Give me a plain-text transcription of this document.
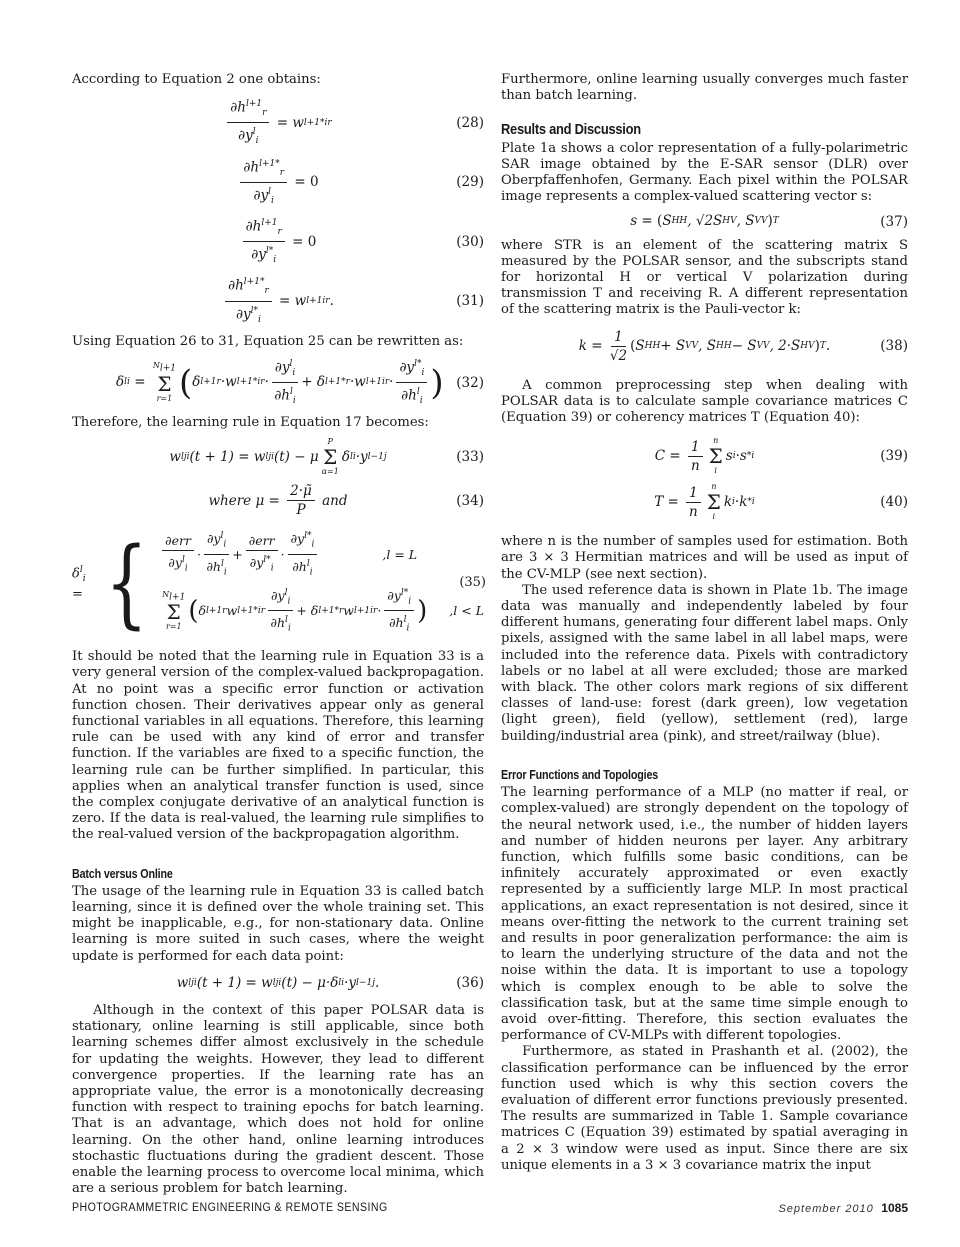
According to Equation 2 one obtains:

$\frac{\partial h^{l+1}_r}{\partial y^l_i} = w$ l+1* ir	(28)
$\frac{\partial h^{l+1*}_r}{\partial y^l_i} = 0$	(29)
$\frac{\partial h^{l+1}_r}{\partial y^{l*}_i} = 0$	(30)
$\frac{\partial h^{l+1*}_r}{\partial y^{l*}_i} = w$ l+1 ir .	(31)

Using Equation 26 to 31, Equation 25 can be rewritten as:

δ l i =
$N_{l+1}$
Σ
r=1 ( δ l+1 r ·w l+1* ir · $\frac{\partial y^l_i}{\partial h^l_i} + \delta$ l+1* r ·w l+1 ir · $\frac{\partial y^{l*}_i}{\partial h^l_i}$ ) (32)

Therefore, the learning rule in Equation 17 becomes:

w l ji (t + 1) = w l ji (t) − μ
P
Σ
α=1
δ l i ·y l−1 j	(33)
where $\mu = \frac{2\cdot\mũ}{P}$
and	(34)
$\delta^l_i$ = { $\frac{\text{∂err}}{\partial y^l_i} \cdot \frac{\partial y^l_i}{\partial h^l_i} + \frac{\text{∂err}}{\partial y^{l*}_i} \cdot \frac{\partial y^{l*}_i}{\partial h^l_i}$	,l = L
$N_{l+1}$
Σ
r=1
( δ l+1 r w l+1* ir $\frac{\partial y^l_i}{\partial h^l_i} + \delta$ l+1* r w l+1 ir · $\frac{\partial y^{l*}_i}{\partial h^l_i}$ ) ,l < L
(35)

It should be noted that the learning rule in Equation 33 is a very general version of the complex-valued backpropagation. At no point was a specific error function or activation function chosen. Their derivatives appear only as general functional variables in all equations. Therefore, this learning rule can be used with any kind of error and transfer function. If the variables are fixed to a specific function, the learning rule can be further simplified. In particular, this applies when an analytical transfer function is used, since the complex conjugate derivative of an analytical function is zero. If the data is real-valued, the learning rule simplifies to the real-valued version of the backpropagation algorithm.

Batch versus Online

The usage of the learning rule in Equation 33 is called batch learning, since it is defined over the whole training set. This might be inapplicable, e.g., for non-stationary data. Online learning is more suited in such cases, where the weight update is performed for each data point:

w l ji (t + 1) = w l ji (t) − μ·δ l i ·y l−1 j .	(36)

Although in the context of this paper POLSAR data is stationary, online learning is still applicable, since both learning schemes differ almost exclusively in the schedule for updating the weights. However, they lead to different convergence properties. If the learning rate has an appropriate value, the error is a monotonically decreasing function with respect to training epochs for batch learning. That is an advantage, which does not hold for online learning. On the other hand, online learning introduces stochastic fluctuations during the gradient descent. Those enable the learning process to overcome local minima, which are a serious problem for batch learning.

Furthermore, online learning usually converges much faster than batch learning.

Results and Discussion

Plate 1a shows a color representation of a fully-polarimetric SAR image obtained by the E-SAR sensor (DLR) over Oberpfaffenhofen, Germany. Each pixel within the POLSAR image represents a complex-valued scattering vector s:

s = ( S HH , √2S HV , S VV ) T	(37)

where STR is an element of the scattering matrix S measured by the POLSAR sensor, and the subscripts stand for horizontal H or vertical V polarization during transmission T and receiving R. A different representation of the scattering matrix is the Pauli-vector k:

$k = \frac{1}{√2}$ ( S HH + S VV , S HH − S VV , 2·S HV ) T .	(38)

A common preprocessing step when dealing with POLSAR data is to calculate sample covariance matrices C (Equation 39) or coherency matrices T (Equation 40):

$C = \frac{1}{n}$ n
Σ
i
s i ·s * i	(39)
$T = \frac{1}{n}$ n
Σ
i
k i ·k * i	(40)

where n is the number of samples used for estimation. Both are 3 × 3 Hermitian matrices and will be used as input of the CV-MLP (see next section).

The used reference data is shown in Plate 1b. The image data was manually and independently labeled by four different humans, generating four different label maps. Only pixels, assigned with the same label in all label maps, were included into the reference data. Pixels with contradictory labels or no label at all were excluded; those are marked with black. The other colors mark regions of six different classes of land-use: forest (dark green), low vegetation (light green), field (yellow), settlement (red), large building/industrial area (pink), and street/railway (blue).

Error Functions and Topologies

The learning performance of a MLP (no matter if real, or complex-valued) are strongly dependent on the topology of the neural network used, i.e., the number of hidden layers and number of hidden neurons per layer. Any arbitrary function, which fulfills some basic conditions, can be infinitely accurately approximated or even exactly represented by a sufficiently large MLP. In most practical applications, an exact representation is not desired, since it means over-fitting the network to the current training set and results in poor generalization performance: the aim is to learn the underlying structure of the data and not the noise within the data. It is important to use a topology which is complex enough to be able to solve the classification task, but at the same time simple enough to avoid over-fitting. Therefore, this section evaluates the performance of CV-MLPs with different topologies.

Furthermore, as stated in Prashanth et al. (2002), the classification performance can be influenced by the error function used which is why this section covers the evaluation of different error functions previously presented. The results are summarized in Table 1. Sample covariance matrices C (Equation 39) estimated by spatial averaging in a 2 × 3 window were used as input. Since there are six unique elements in a 3 × 3 covariance matrix the input

PHOTOGRAMMETRIC ENGINEERING & REMOTE SENSING	September 2010 1085
